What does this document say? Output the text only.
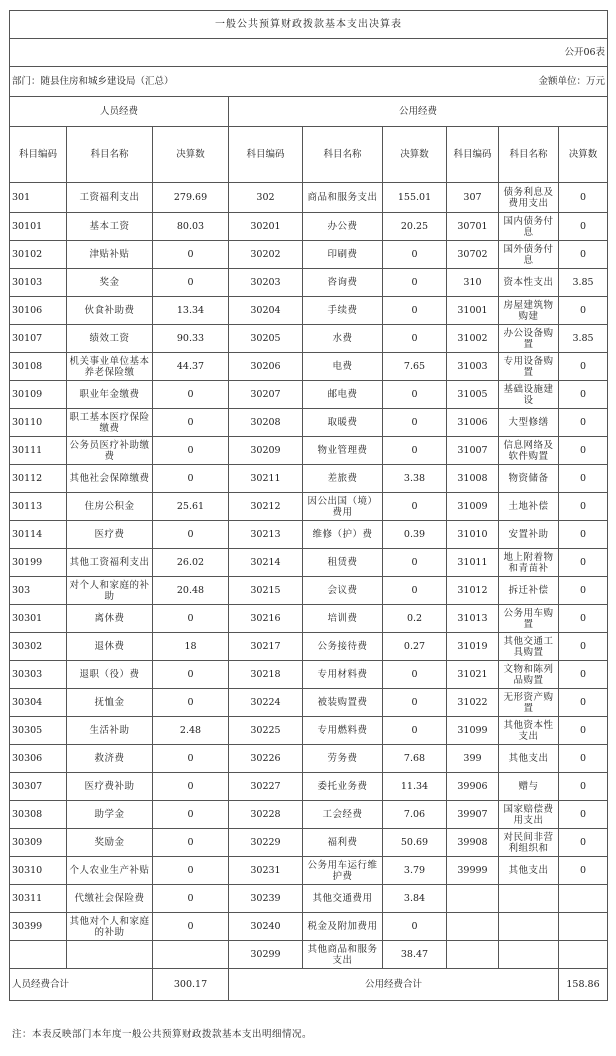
一般公共预算财政拨款基本支出决算表								
公开06表								
部门：随县住房和城乡建设局（汇总）						金额单位：万元		
人员经费			公用经费					
科目编码	科目名称	决算数	科目编码	科目名称	决算数	科目编码	科目名称	决算数
301	工资福利支出	279.69	302	商品和服务支出	155.01	307	债务利息及费用支出	0
30101	基本工资	80.03	30201	办公费	20.25	30701	国内债务付息	0
30102	津贴补贴	0	30202	印刷费	0	30702	国外债务付息	0
30103	奖金	0	30203	咨询费	0	310	资本性支出	3.85
30106	伙食补助费	13.34	30204	手续费	0	31001	房屋建筑物购建	0
30107	绩效工资	90.33	30205	水费	0	31002	办公设备购置	3.85
30108	机关事业单位基本养老保险缴	44.37	30206	电费	7.65	31003	专用设备购置	0
30109	职业年金缴费	0	30207	邮电费	0	31005	基础设施建设	0
30110	职工基本医疗保险缴费	0	30208	取暖费	0	31006	大型修缮	0
30111	公务员医疗补助缴费	0	30209	物业管理费	0	31007	信息网络及软件购置	0
30112	其他社会保障缴费	0	30211	差旅费	3.38	31008	物资储备	0
30113	住房公积金	25.61	30212	因公出国（境）费用	0	31009	土地补偿	0
30114	医疗费	0	30213	维修（护）费	0.39	31010	安置补助	0
30199	其他工资福利支出	26.02	30214	租赁费	0	31011	地上附着物和青苗补	0
303	对个人和家庭的补助	20.48	30215	会议费	0	31012	拆迁补偿	0
30301	离休费	0	30216	培训费	0.2	31013	公务用车购置	0
30302	退休费	18	30217	公务接待费	0.27	31019	其他交通工具购置	0
30303	退职（役）费	0	30218	专用材料费	0	31021	文物和陈列品购置	0
30304	抚恤金	0	30224	被装购置费	0	31022	无形资产购置	0
30305	生活补助	2.48	30225	专用燃料费	0	31099	其他资本性支出	0
30306	救济费	0	30226	劳务费	7.68	399	其他支出	0
30307	医疗费补助	0	30227	委托业务费	11.34	39906	赠与	0
30308	助学金	0	30228	工会经费	7.06	39907	国家赔偿费用支出	0
30309	奖励金	0	30229	福利费	50.69	39908	对民间非营利组织和	0
30310	个人农业生产补贴	0	30231	公务用车运行维护费	3.79	39999	其他支出	0
30311	代缴社会保险费	0	30239	其他交通费用	3.84			
30399	其他对个人和家庭的补助	0	30240	税金及附加费用	0			
			30299	其他商品和服务支出	38.47			
人员经费合计		300.17	公用经费合计					158.86
注：本表反映部门本年度一般公共预算财政拨款基本支出明细情况。
